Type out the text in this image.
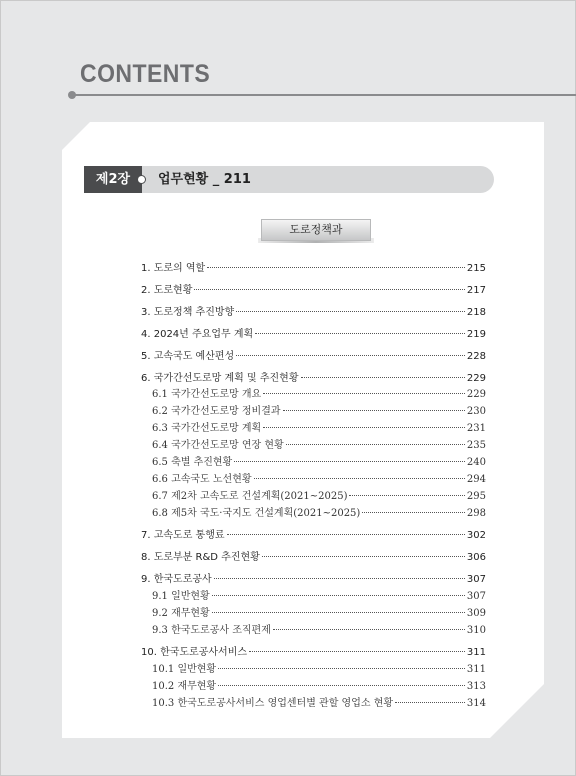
CONTENTS
제2장	업무현황 _ 211
도로정책과
1. 도로의 역할	215
2. 도로현황	217
3. 도로정책 추진방향	218
4. 2024년 주요업무 계획	219
5. 고속국도 예산편성	228
6. 국가간선도로망 계획 및 추진현황	229
6.1 국가간선도로망 개요	229
6.2 국가간선도로망 정비결과	230
6.3 국가간선도로망 계획	231
6.4 국가간선도로망 연장 현황	235
6.5 축별 추진현황	240
6.6 고속국도 노선현황	294
6.7 제2차 고속도로 건설계획(2021~2025)	295
6.8 제5차 국도·국지도 건설계획(2021~2025)	298
7. 고속도로 통행료	302
8. 도로부분 R&D 추진현황	306
9. 한국도로공사	307
9.1 일반현황	307
9.2 재무현황	309
9.3 한국도로공사 조직편제	310
10. 한국도로공사서비스	311
10.1 일반현황	311
10.2 재무현황	313
10.3 한국도로공사서비스 영업센터별 관할 영업소 현황	314
